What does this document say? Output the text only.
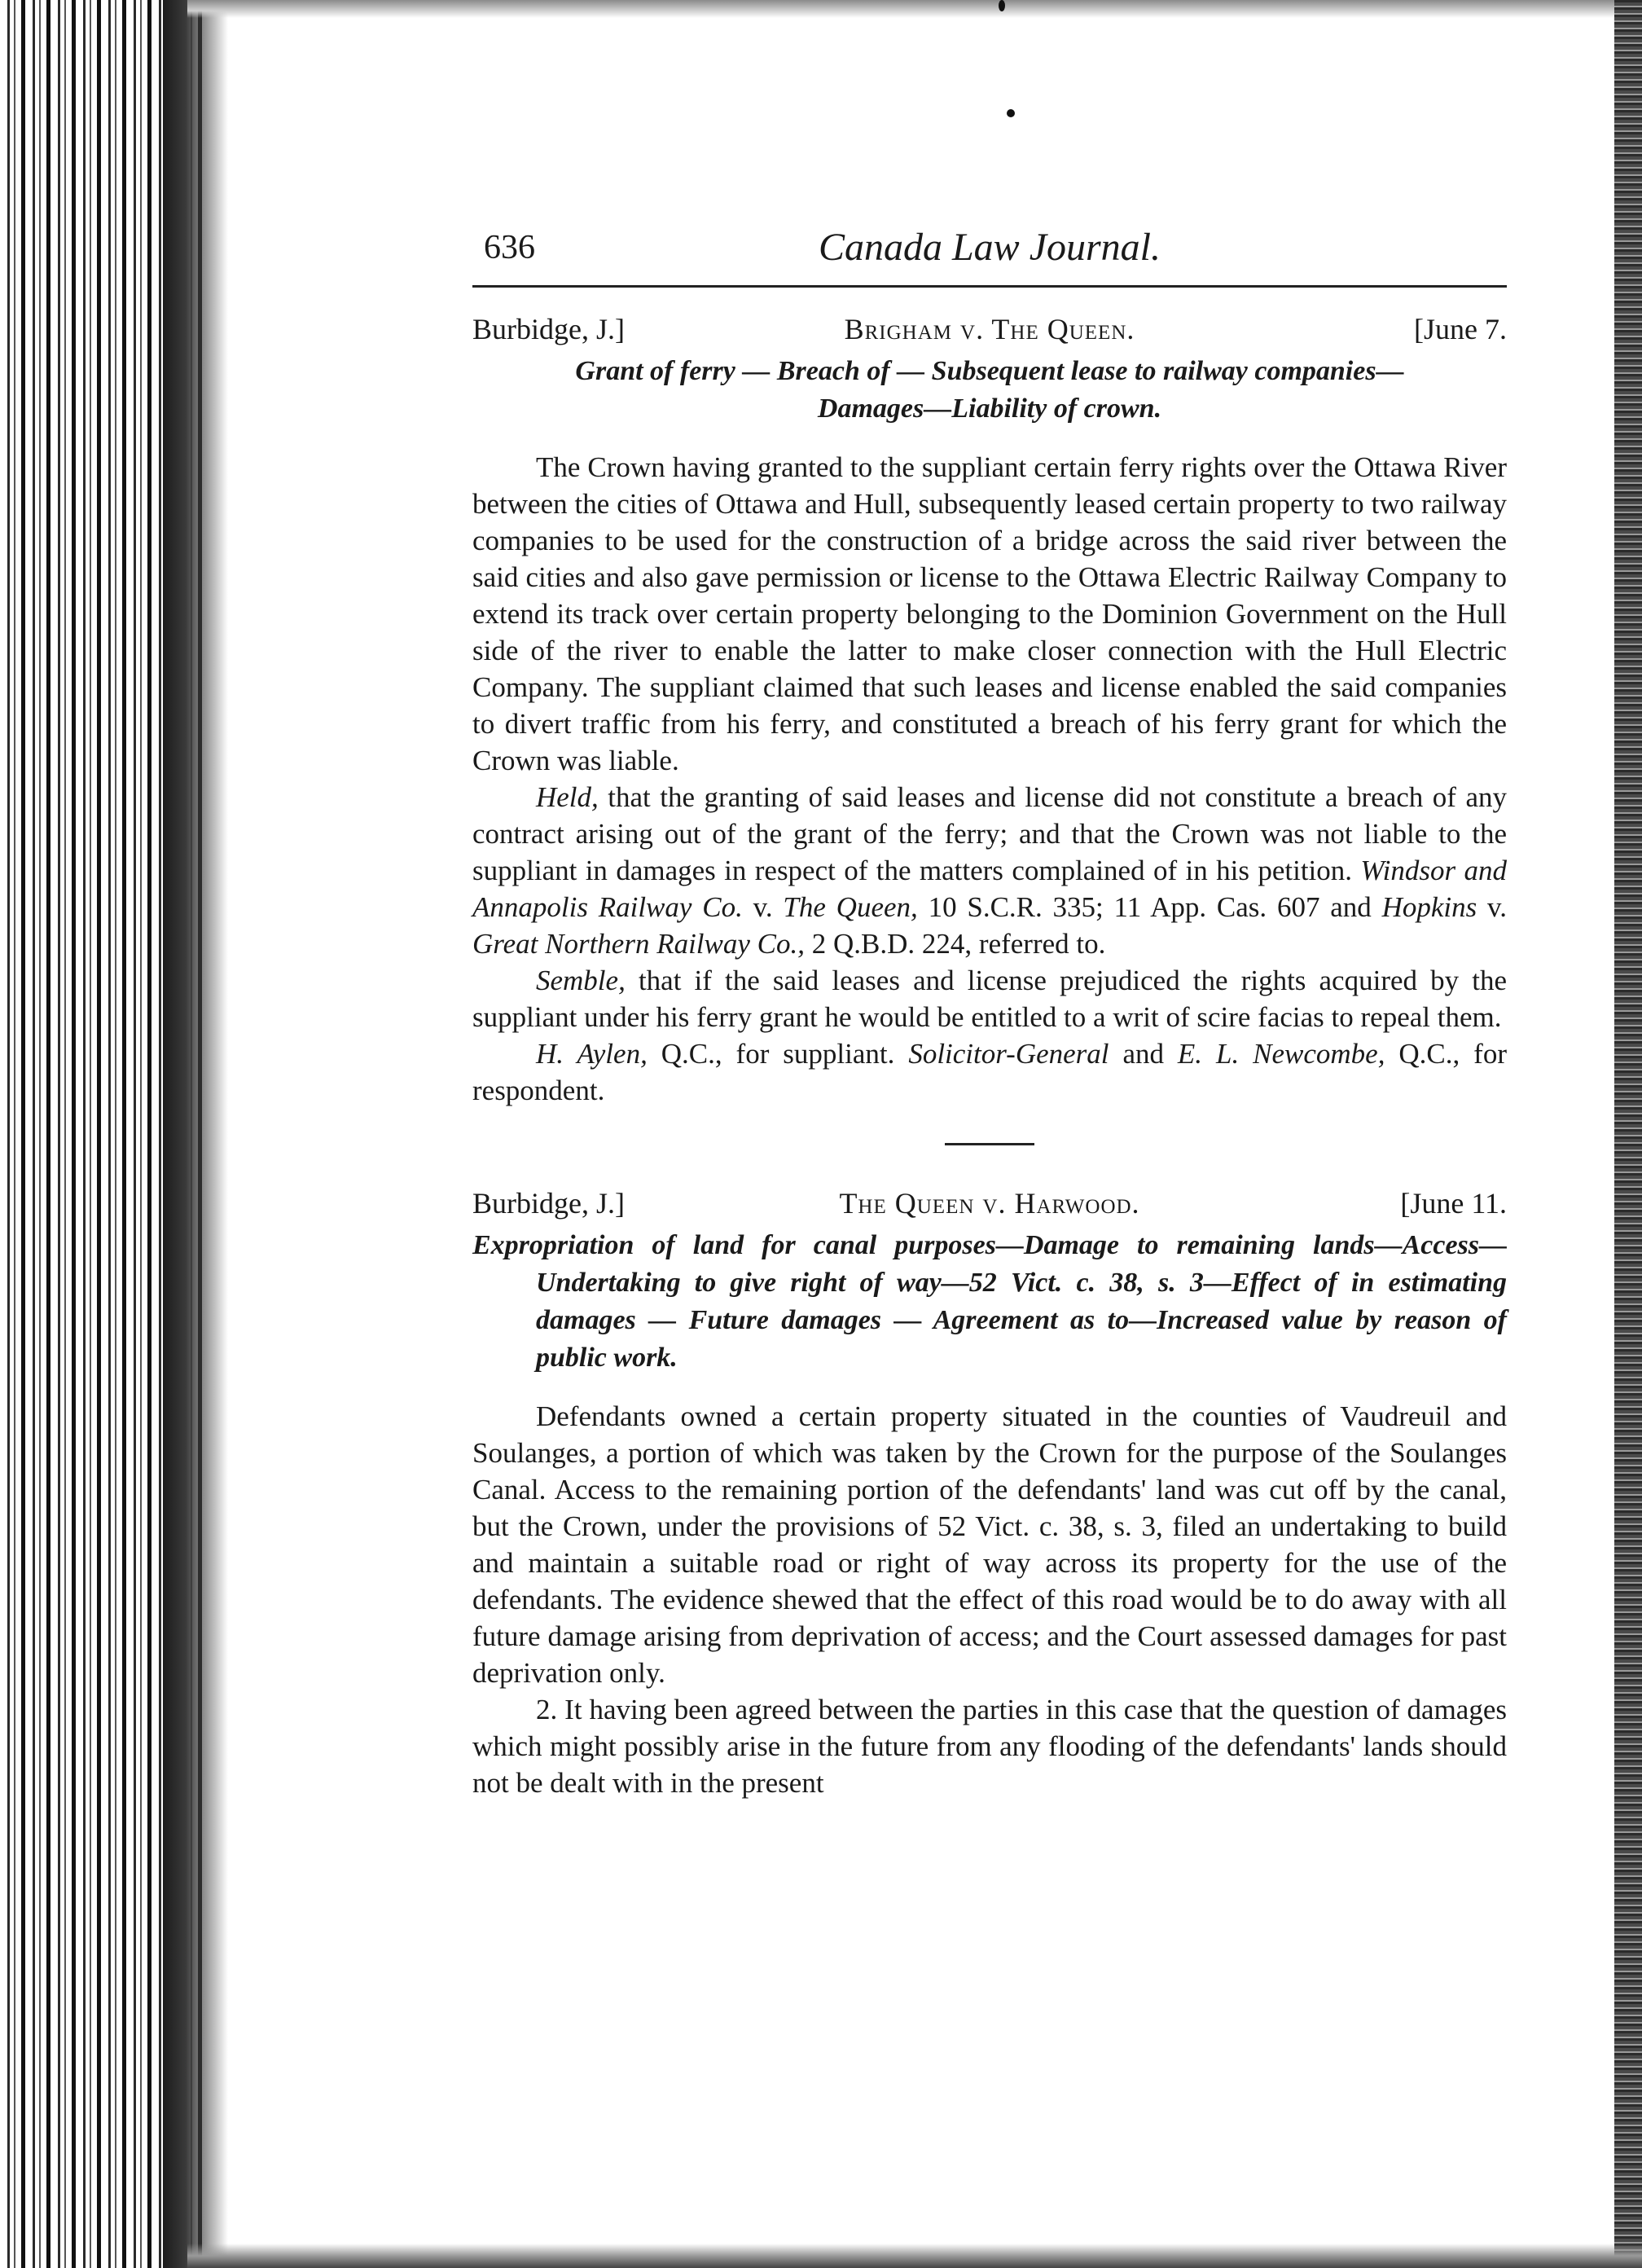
636	Canada Law Journal.
Burbidge, J.]	Brigham v. The Queen.	[June 7.

Grant of ferry — Breach of — Subsequent lease to railway companies—
Damages—Liability of crown.

The Crown having granted to the suppliant certain ferry rights over the Ottawa River between the cities of Ottawa and Hull, subsequently leased certain property to two railway companies to be used for the construction of a bridge across the said river between the said cities and also gave permission or license to the Ottawa Electric Railway Company to extend its track over certain property belonging to the Dominion Government on the Hull side of the river to enable the latter to make closer connection with the Hull Electric Company. The suppliant claimed that such leases and license enabled the said companies to divert traffic from his ferry, and constituted a breach of his ferry grant for which the Crown was liable.

Held, that the granting of said leases and license did not constitute a breach of any contract arising out of the grant of the ferry; and that the Crown was not liable to the suppliant in damages in respect of the matters complained of in his petition. Windsor and Annapolis Railway Co. v. The Queen, 10 S.C.R. 335; 11 App. Cas. 607 and Hopkins v. Great Northern Railway Co., 2 Q.B.D. 224, referred to.

Semble, that if the said leases and license prejudiced the rights acquired by the suppliant under his ferry grant he would be entitled to a writ of scire facias to repeal them.

H. Aylen, Q.C., for suppliant. Solicitor-General and E. L. Newcombe, Q.C., for respondent.

Burbidge, J.]	The Queen v. Harwood.	[June 11.

Expropriation of land for canal purposes—Damage to remaining lands—Access—Undertaking to give right of way—52 Vict. c. 38, s. 3—Effect of in estimating damages — Future damages — Agreement as to—Increased value by reason of public work.

Defendants owned a certain property situated in the counties of Vaudreuil and Soulanges, a portion of which was taken by the Crown for the purpose of the Soulanges Canal. Access to the remaining portion of the defendants' land was cut off by the canal, but the Crown, under the provisions of 52 Vict. c. 38, s. 3, filed an undertaking to build and maintain a suitable road or right of way across its property for the use of the defendants. The evidence shewed that the effect of this road would be to do away with all future damage arising from deprivation of access; and the Court assessed damages for past deprivation only.

2. It having been agreed between the parties in this case that the question of damages which might possibly arise in the future from any flooding of the defendants' lands should not be dealt with in the present
